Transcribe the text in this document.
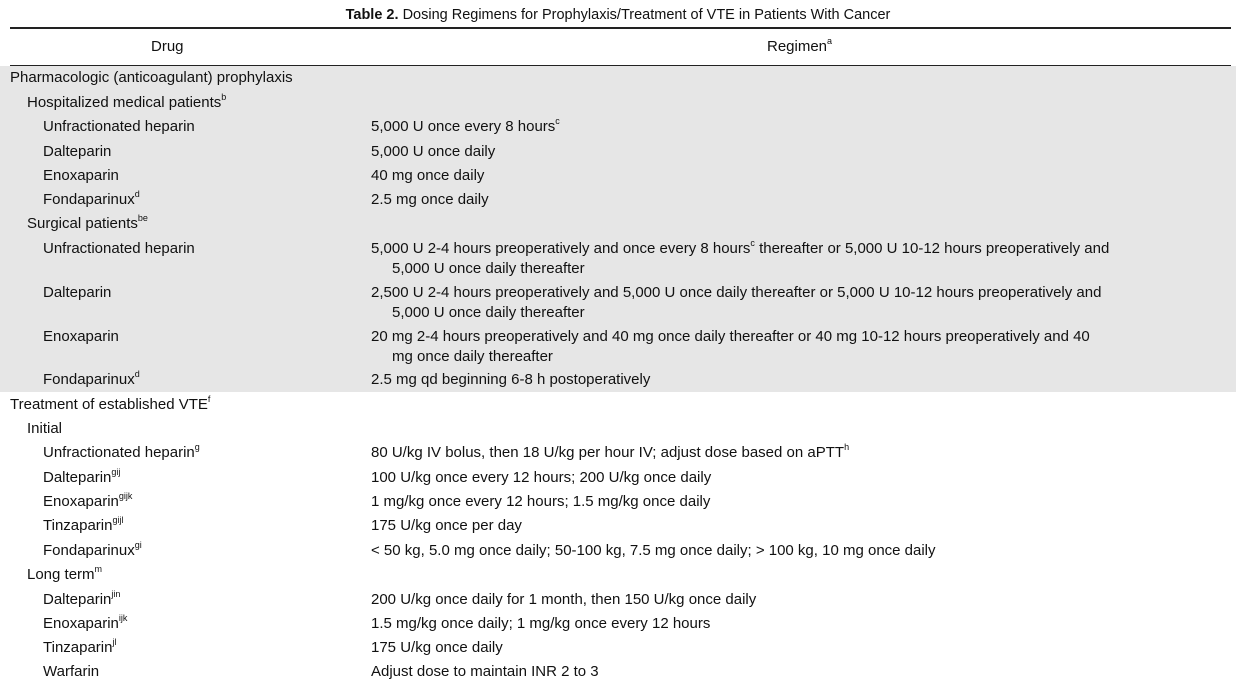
Table 2. Dosing Regimens for Prophylaxis/Treatment of VTE in Patients With Cancer
Drug	Regimen$^a$
Pharmacologic (anticoagulant) prophylaxis
Hospitalized medical patients$^b$
Unfractionated heparin	5,000 U once every 8 hours$^c$
Dalteparin	5,000 U once daily
Enoxaparin	40 mg once daily
Fondaparinux$^d$	2.5 mg once daily
Surgical patients$^{be}$
Unfractionated heparin	5,000 U 2-4 hours preoperatively and once every 8 hours$^c$ thereafter or 5,000 U 10-12 hours preoperatively and
5,000 U once daily thereafter
Dalteparin	2,500 U 2-4 hours preoperatively and 5,000 U once daily thereafter or 5,000 U 10-12 hours preoperatively and
5,000 U once daily thereafter
Enoxaparin	20 mg 2-4 hours preoperatively and 40 mg once daily thereafter or 40 mg 10-12 hours preoperatively and 40
mg once daily thereafter
Fondaparinux$^d$	2.5 mg qd beginning 6-8 h postoperatively
Treatment of established VTE$^f$
Initial
Unfractionated heparin$^g$	80 U/kg IV bolus, then 18 U/kg per hour IV; adjust dose based on aPTT$^h$
Dalteparin$^{gij}$	100 U/kg once every 12 hours; 200 U/kg once daily
Enoxaparin$^{gijk}$	1 mg/kg once every 12 hours; 1.5 mg/kg once daily
Tinzaparin$^{gijl}$	175 U/kg once per day
Fondaparinux$^{gi}$	< 50 kg, 5.0 mg once daily; 50-100 kg, 7.5 mg once daily; > 100 kg, 10 mg once daily
Long term$^m$
Dalteparin$^{jin}$	200 U/kg once daily for 1 month, then 150 U/kg once daily
Enoxaparin$^{ijk}$	1.5 mg/kg once daily; 1 mg/kg once every 12 hours
Tinzaparin$^{jl}$	175 U/kg once daily
Warfarin	Adjust dose to maintain INR 2 to 3
